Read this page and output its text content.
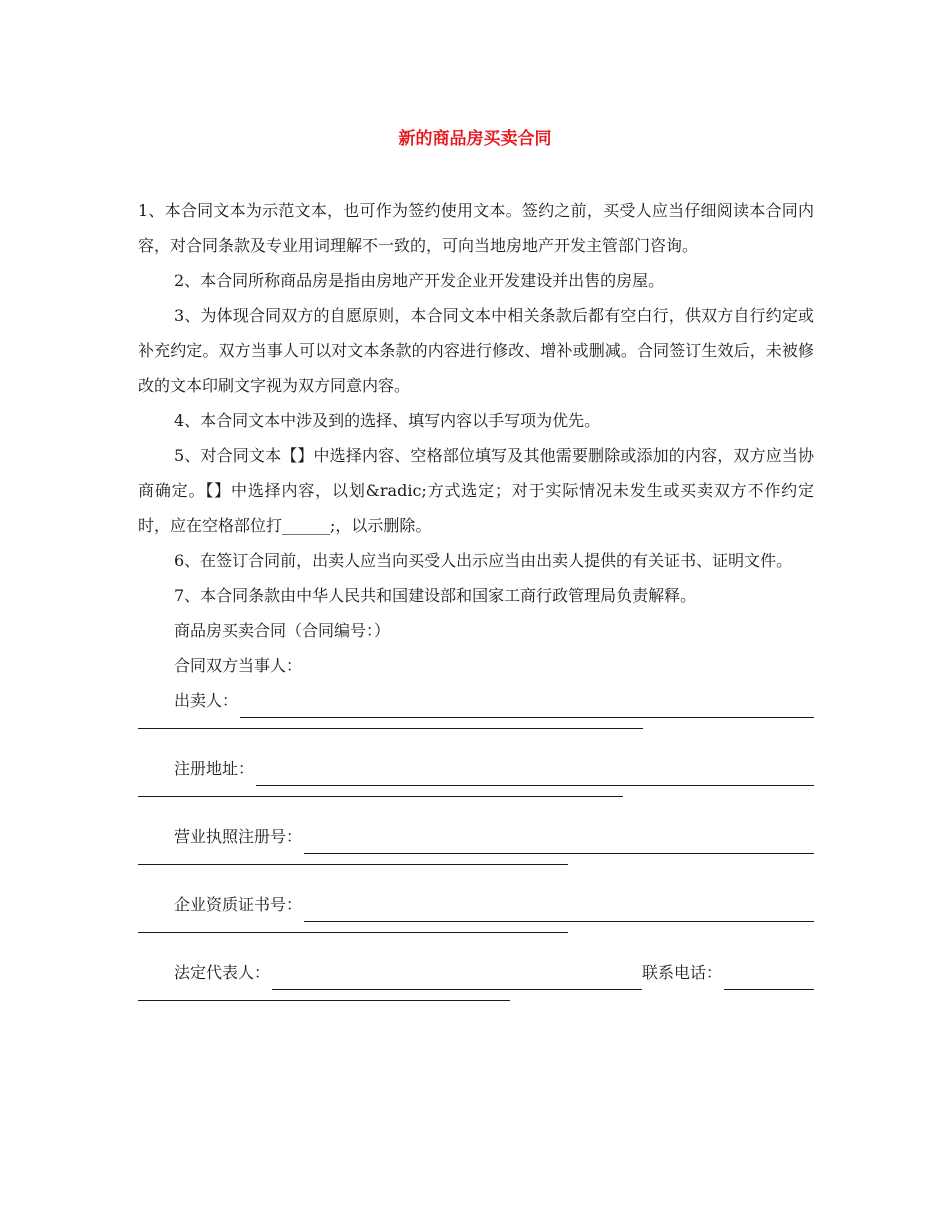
新的商品房买卖合同

1、本合同文本为示范文本，也可作为签约使用文本。签约之前，买受人应当仔细阅读本合同内容，对合同条款及专业用词理解不一致的，可向当地房地产开发主管部门咨询。

2、本合同所称商品房是指由房地产开发企业开发建设并出售的房屋。

3、为体现合同双方的自愿原则，本合同文本中相关条款后都有空白行，供双方自行约定或补充约定。双方当事人可以对文本条款的内容进行修改、增补或删减。合同签订生效后，未被修改的文本印刷文字视为双方同意内容。

4、本合同文本中涉及到的选择、填写内容以手写项为优先。

5、对合同文本【】中选择内容、空格部位填写及其他需要删除或添加的内容，双方应当协商确定。【】中选择内容，以划&radic;方式选定；对于实际情况未发生或买卖双方不作约定时，应在空格部位打______;，以示删除。

6、在签订合同前，出卖人应当向买受人出示应当由出卖人提供的有关证书、证明文件。

7、本合同条款由中华人民共和国建设部和国家工商行政管理局负责解释。

商品房买卖合同（合同编号：）

合同双方当事人：

出卖人：
注册地址：
营业执照注册号：
企业资质证书号：
法定代表人：	联系电话：
